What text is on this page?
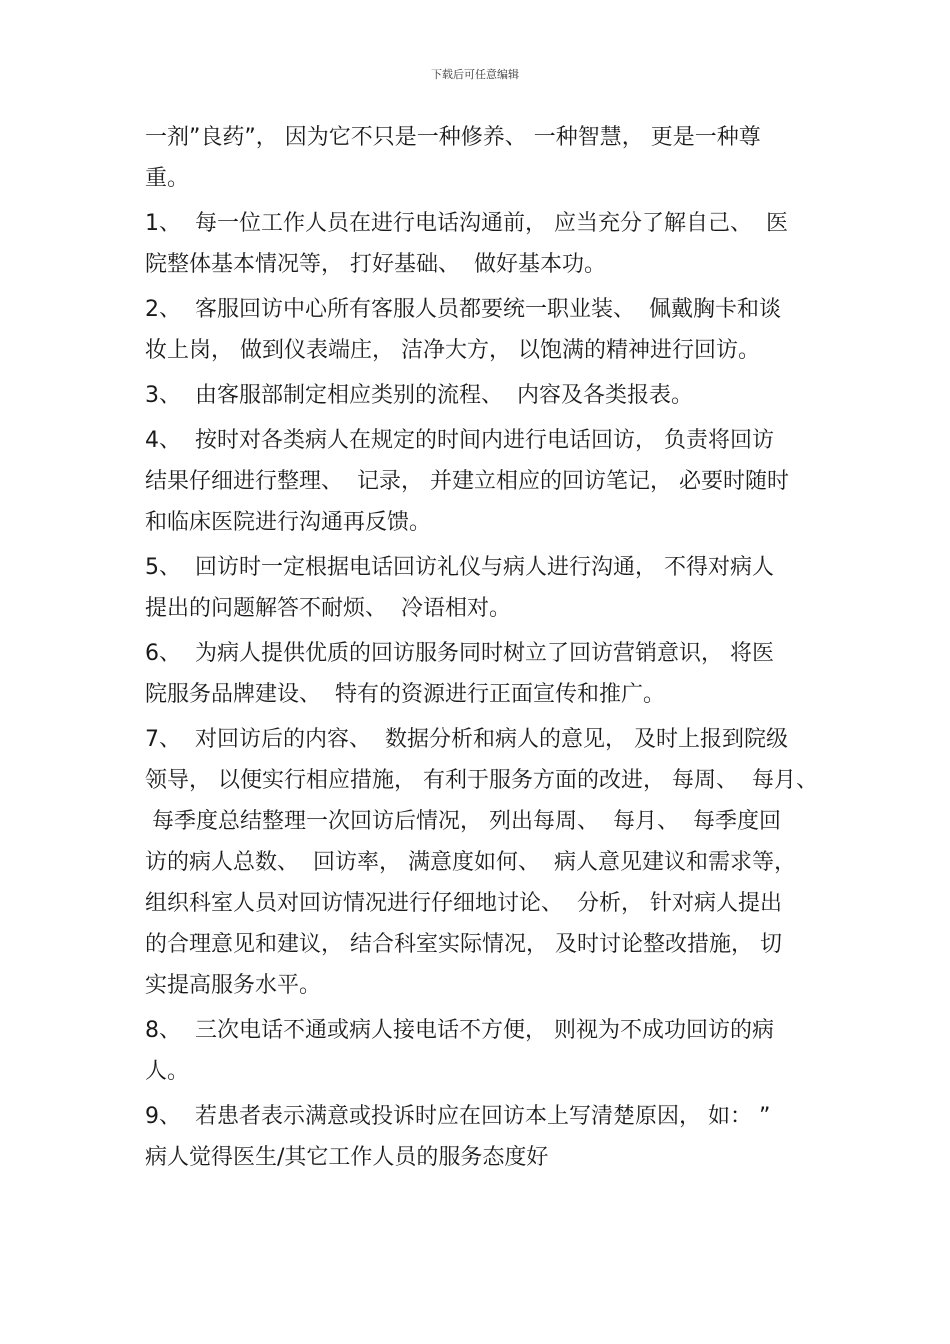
下载后可任意编辑
一剂”良药”， 因为它不只是一种修养、 一种智慧， 更是一种尊
重。
1、  每一位工作人员在进行电话沟通前， 应当充分了解自己、  医
院整体基本情况等， 打好基础、  做好基本功。
2、  客服回访中心所有客服人员都要统一职业装、  佩戴胸卡和谈
妆上岗， 做到仪表端庄， 洁净大方， 以饱满的精神进行回访。
3、  由客服部制定相应类别的流程、  内容及各类报表。
4、  按时对各类病人在规定的时间内进行电话回访， 负责将回访
结果仔细进行整理、  记录， 并建立相应的回访笔记， 必要时随时
和临床医院进行沟通再反馈。
5、  回访时一定根据电话回访礼仪与病人进行沟通， 不得对病人
提出的问题解答不耐烦、  冷语相对。
6、  为病人提供优质的回访服务同时树立了回访营销意识， 将医
院服务品牌建设、  特有的资源进行正面宣传和推广。
7、  对回访后的内容、  数据分析和病人的意见， 及时上报到院级
领导， 以便实行相应措施， 有利于服务方面的改进， 每周、  每月、
每季度总结整理一次回访后情况， 列出每周、  每月、  每季度回
访的病人总数、  回访率， 满意度如何、  病人意见建议和需求等，
组织科室人员对回访情况进行仔细地讨论、  分析， 针对病人提出
的合理意见和建议， 结合科室实际情况， 及时讨论整改措施， 切
实提高服务水平。
8、  三次电话不通或病人接电话不方便， 则视为不成功回访的病
人。
9、  若患者表示满意或投诉时应在回访本上写清楚原因， 如： ”
病人觉得医生/其它工作人员的服务态度好
